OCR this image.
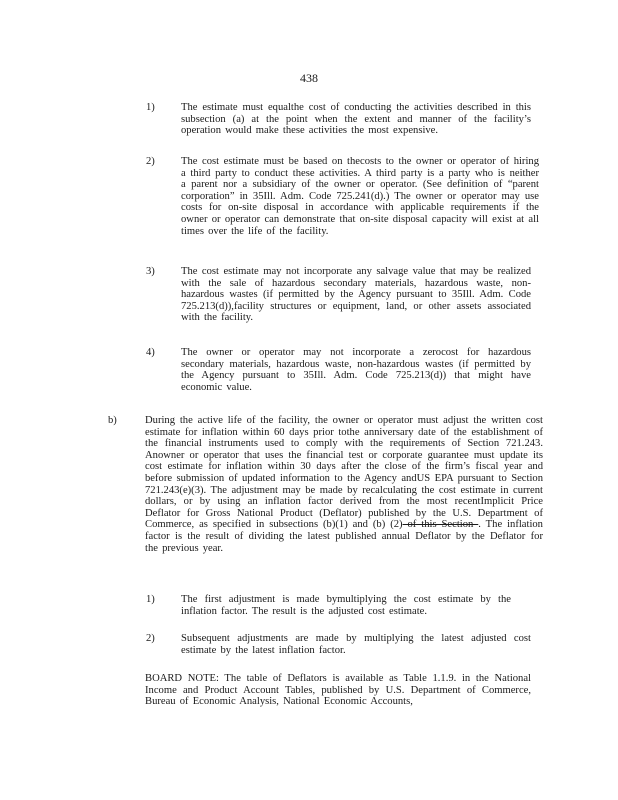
438
1) The estimate must equalthe cost of conducting the activities described in this subsection (a) at the point when the extent and manner of the facility’s operation would make these activities the most expensive.
2) The cost estimate must be based on thecosts to the owner or operator of hiring a third party to conduct these activities. A third party is a party who is neither a parent nor a subsidiary of the owner or operator. (See definition of “parent corporation” in 35Ill. Adm. Code 725.241(d).) The owner or operator may use costs for on-site disposal in accordance with applicable requirements if the owner or operator can demonstrate that on-site disposal capacity will exist at all times over the life of the facility.
3) The cost estimate may not incorporate any salvage value that may be realized with the sale of hazardous secondary materials, hazardous waste, non-hazardous wastes (if permitted by the Agency pursuant to 35Ill. Adm. Code 725.213(d)),facility structures or equipment, land, or other assets associated with the facility.
4) The owner or operator may not incorporate a zerocost for hazardous secondary materials, hazardous waste, non-hazardous wastes (if permitted by the Agency pursuant to 35Ill. Adm. Code 725.213(d)) that might have economic value.
b)	During the active life of the facility, the owner or operator must adjust the written cost estimate for inflation within 60 days prior tothe anniversary date of the establishment of the financial instruments used to comply with the requirements of Section 721.243. Anowner or operator that uses the financial test or corporate guarantee must update its cost estimate for inflation within 30 days after the close of the firm’s fiscal year and before submission of updated information to the Agency andUS EPA pursuant to Section 721.243(e)(3). The adjustment may be made by recalculating the cost estimate in current dollars, or by using an inflation factor derived from the most recentImplicit Price Deflator for Gross National Product (Deflator) published by the U.S. Department of Commerce, as specified in subsections (b)(1) and (b) (2) of this Section . The inflation factor is the result of dividing the latest published annual Deflator by the Deflator for the previous year.
1) The first adjustment is made bymultiplying the cost estimate by the inflation factor. The result is the adjusted cost estimate.
2) Subsequent adjustments are made by multiplying the latest adjusted cost estimate by the latest inflation factor.
BOARD NOTE: The table of Deflators is available as Table 1.1.9. in the National Income and Product Account Tables, published by U.S. Department of Commerce, Bureau of Economic Analysis, National Economic Accounts,
